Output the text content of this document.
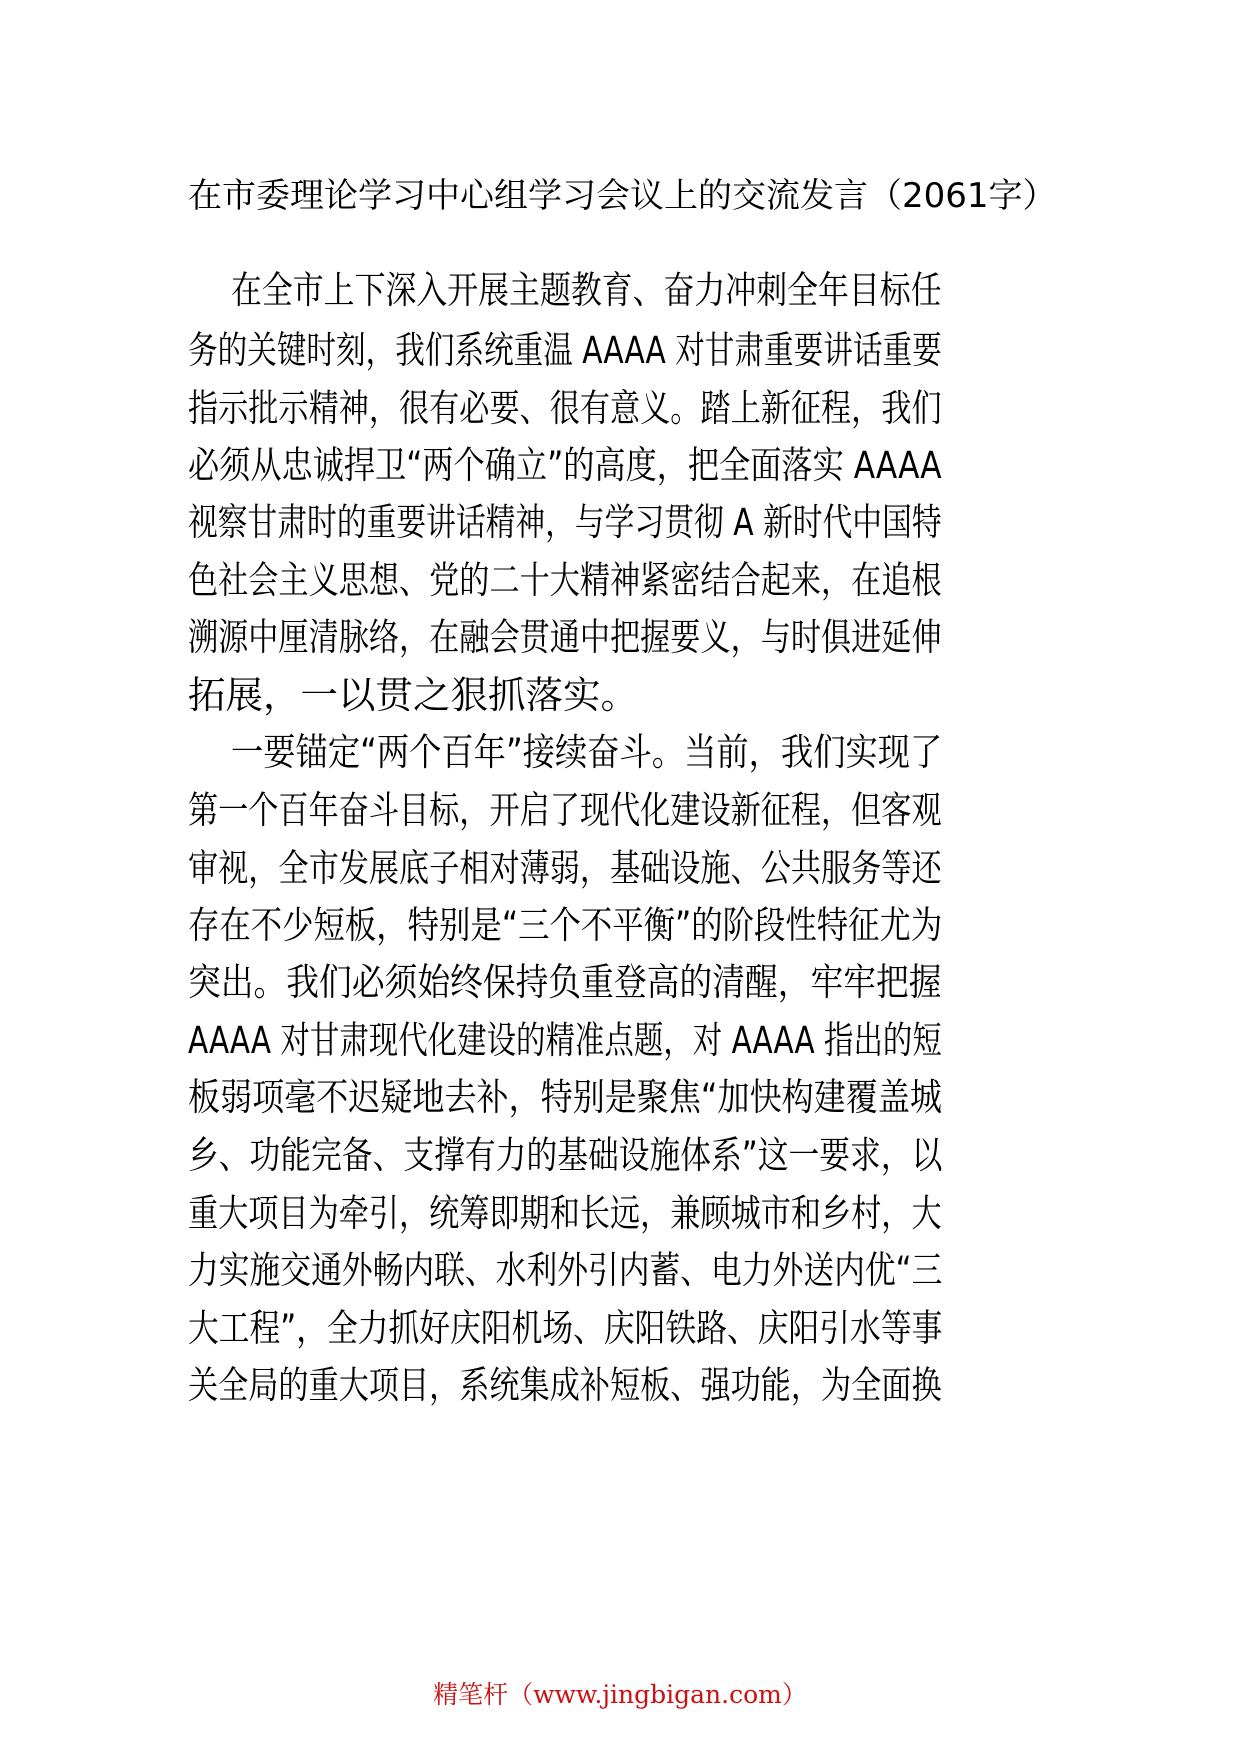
在市委理论学习中心组学习会议上的交流发言（2061字）
在全市上下深入开展主题教育、奋力冲刺全年目标任
务的关键时刻，我们系统重温 AAAA 对甘肃重要讲话重要
指示批示精神，很有必要、很有意义。踏上新征程，我们
必须从忠诚捍卫“两个确立”的高度，把全面落实 AAAA
视察甘肃时的重要讲话精神，与学习贯彻 A 新时代中国特
色社会主义思想、党的二十大精神紧密结合起来，在追根
溯源中厘清脉络，在融会贯通中把握要义，与时俱进延伸
拓展，一以贯之狠抓落实。
一要锚定“两个百年”接续奋斗。当前，我们实现了
第一个百年奋斗目标，开启了现代化建设新征程，但客观
审视，全市发展底子相对薄弱，基础设施、公共服务等还
存在不少短板，特别是“三个不平衡”的阶段性特征尤为
突出。我们必须始终保持负重登高的清醒，牢牢把握
AAAA 对甘肃现代化建设的精准点题，对 AAAA 指出的短
板弱项毫不迟疑地去补，特别是聚焦“加快构建覆盖城
乡、功能完备、支撑有力的基础设施体系”这一要求，以
重大项目为牵引，统筹即期和长远，兼顾城市和乡村，大
力实施交通外畅内联、水利外引内蓄、电力外送内优“三
大工程”，全力抓好庆阳机场、庆阳铁路、庆阳引水等事
关全局的重大项目，系统集成补短板、强功能，为全面换
精笔杆（www.jingbigan.com）
